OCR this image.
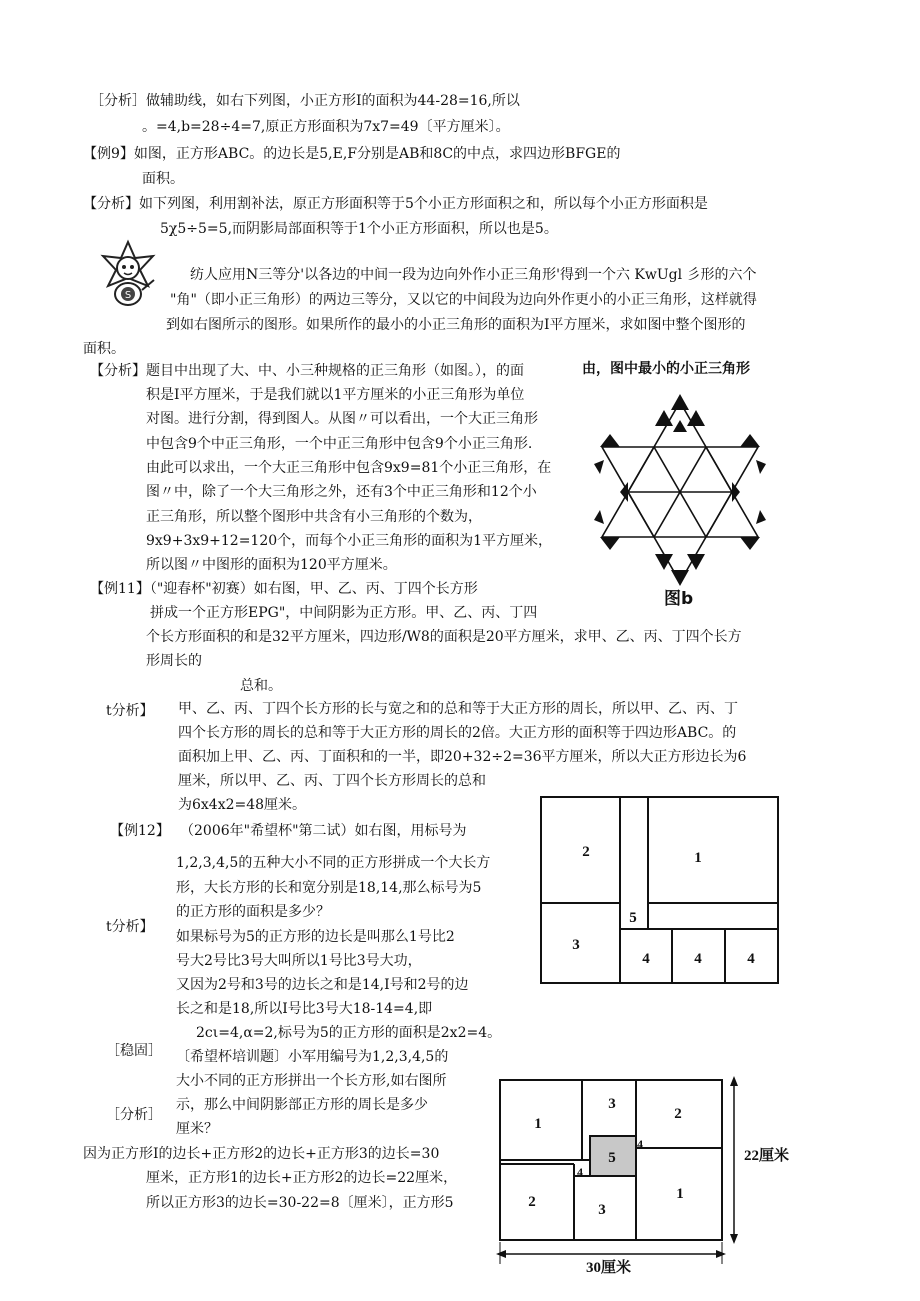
［分析］做辅助线，如右下列图，小正方形Ⅰ的面积为44-28=16,所以
。=4,b=28÷4=7,原正方形面积为7x7=49〔平方厘米〕。
【例9】如图，正方形ABC。的边长是5,E,F分别是AB和8C的中点，求四边形BFGE的
面积。
【分析】如下列图，利用割补法，原正方形面积等于5个小正方形面积之和，所以每个小正方形面积是
5χ5÷5=5,而阴影局部面积等于1个小正方形面积，所以也是5。
S
纺人应用N三等分'以各边的中间一段为边向外作小正三角形'得到一个六 KwUgl 彡形的六个
"角"（即小正三角形）的两边三等分，又以它的中间段为边向外作更小的小正三角形，这样就得
到如右图所示的图形。如果所作的最小的小正三角形的面积为I平方厘米，求如图中整个图形的
面积。
【分析】题目中出现了大、中、小三种规格的正三角形（如图。），的面
积是I平方厘米，于是我们就以1平方厘米的小正三角形为单位
对图。进行分割，得到图人。从图〃可以看出，一个大正三角形
中包含9个中正三角形，一个中正三角形中包含9个小正三角形.
由此可以求出，一个大正三角形中包含9x9=81个小正三角形，在
图〃中，除了一个大三角形之外，还有3个中正三角形和12个小
正三角形，所以整个图形中共含有小三角形的个数为，
9x9+3x9+12=120个，而每个小正三角形的面积为1平方厘米，
所以图〃中图形的面积为120平方厘米。
由，图中最小的小正三角形
图b
【例11】（"迎春杯"初赛）如右图，甲、乙、丙、丁四个长方形
拼成一个正方形EPG"，中间阴影为正方形。甲、乙、丙、丁四
个长方形面积的和是32平方厘米，四边形/W8的面积是20平方厘米，求甲、乙、丙、丁四个长方
形周长的
总和。
t分析】 甲、乙、丙、丁四个长方形的长与宽之和的总和等于大正方形的周长，所以甲、乙、丙、丁
四个长方形的周长的总和等于大正方形的周长的2倍。大正方形的面积等于四边形ABC。的
面积加上甲、乙、丙、丁面积和的一半，即20+32÷2=36平方厘米，所以大正方形边长为6
厘米，所以甲、乙、丙、丁四个长方形周长的总和
为6x4x2=48厘米。
【例12】 （2006年"希望杯"第二试）如右图，用标号为
1,2,3,4,5的五种大小不同的正方形拼成一个大长方
形，大长方形的长和宽分别是18,14,那么标号为5
的正方形的面积是多少？
t分析】
如果标号为5的正方形的边长是叫那么1号比2
号大2号比3号大叫所以1号比3号大功，
又因为2号和3号的边长之和是14,I号和2号的边
长之和是18,所以I号比3号大18-14=4,即
2cι=4,α=2,标号为5的正方形的面积是2x2=4。
［稳固］ 〔希望杯培训题〕小军用编号为1,2,3,4,5的
大小不同的正方形拼出一个长方形,如右图所
［分析］
示，那么中间阴影部正方形的周长是多少
厘米？
因为正方形I的边长+正方形2的边长+正方形3的边长=30
厘米，正方形1的边长+正方形2的边长=22厘米，
所以正方形3的边长=30-22=8〔厘米〕，正方形5
2	1
5
3
4	4	4
1
3
2
4
5
4
2	3
1
22厘米
30厘米
